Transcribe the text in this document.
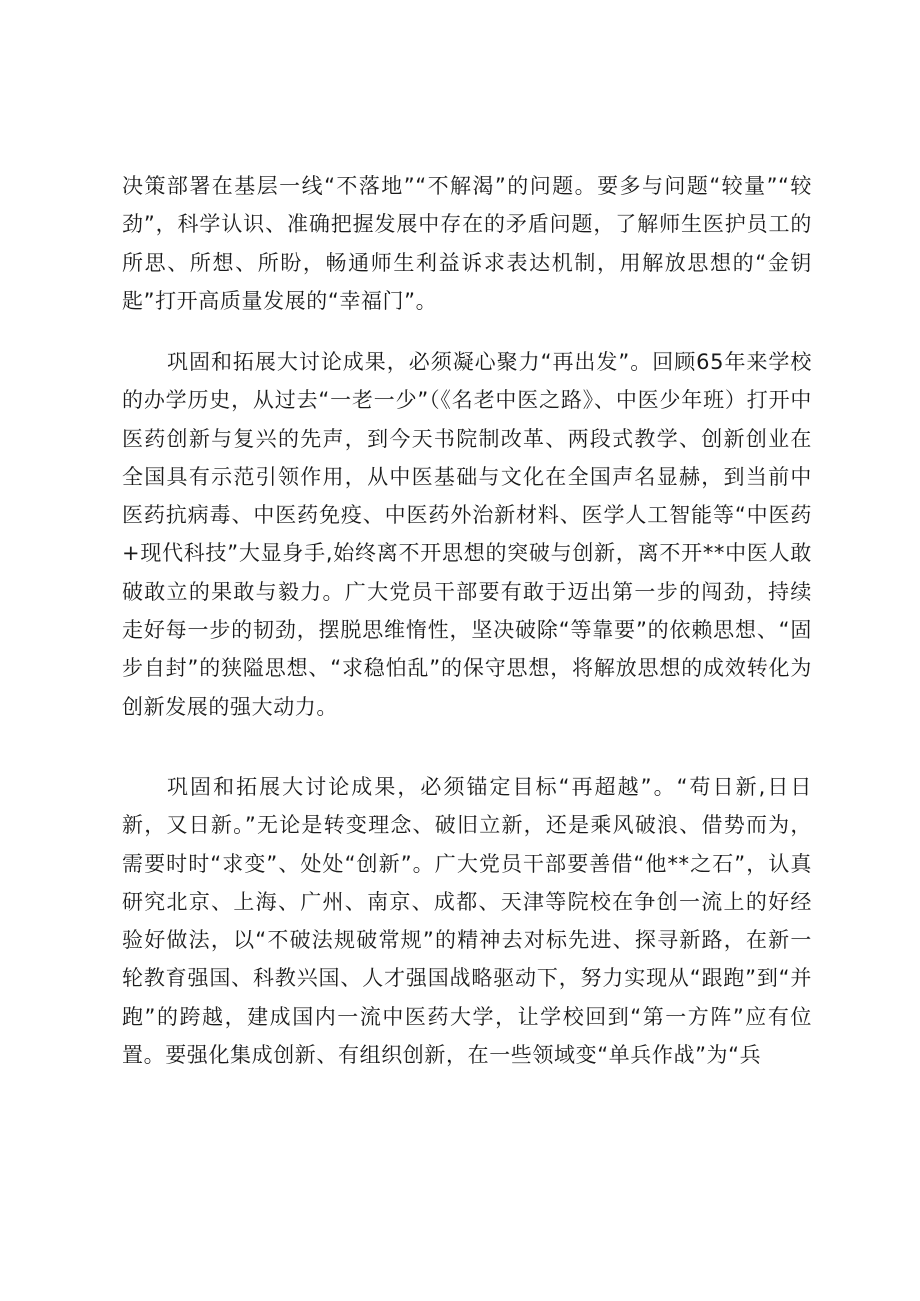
决策部署在基层一线“不落地”“不解渴”的问题。要多与问题“较量”“较劲”，科学认识、准确把握发展中存在的矛盾问题，了解师生医护员工的所思、所想、所盼，畅通师生利益诉求表达机制，用解放思想的“金钥匙”打开高质量发展的“幸福门”。

巩固和拓展大讨论成果，必须凝心聚力“再出发”。回顾65年来学校的办学历史，从过去“一老一少”（《名老中医之路》、中医少年班）打开中医药创新与复兴的先声，到今天书院制改革、两段式教学、创新创业在全国具有示范引领作用，从中医基础与文化在全国声名显赫，到当前中医药抗病毒、中医药免疫、中医药外治新材料、医学人工智能等“中医药+现代科技”大显身手,始终离不开思想的突破与创新，离不开**中医人敢破敢立的果敢与毅力。广大党员干部要有敢于迈出第一步的闯劲，持续走好每一步的韧劲，摆脱思维惰性，坚决破除“等靠要”的依赖思想、“固步自封”的狭隘思想、“求稳怕乱”的保守思想，将解放思想的成效转化为创新发展的强大动力。

巩固和拓展大讨论成果，必须锚定目标“再超越”。“苟日新,日日新，又日新。”无论是转变理念、破旧立新，还是乘风破浪、借势而为，需要时时“求变”、处处“创新”。广大党员干部要善借“他**之石”，认真研究北京、上海、广州、南京、成都、天津等院校在争创一流上的好经验好做法，以“不破法规破常规”的精神去对标先进、探寻新路，在新一轮教育强国、科教兴国、人才强国战略驱动下，努力实现从“跟跑”到“并跑”的跨越，建成国内一流中医药大学，让学校回到“第一方阵”应有位置。要强化集成创新、有组织创新，在一些领域变“单兵作战”为“兵
